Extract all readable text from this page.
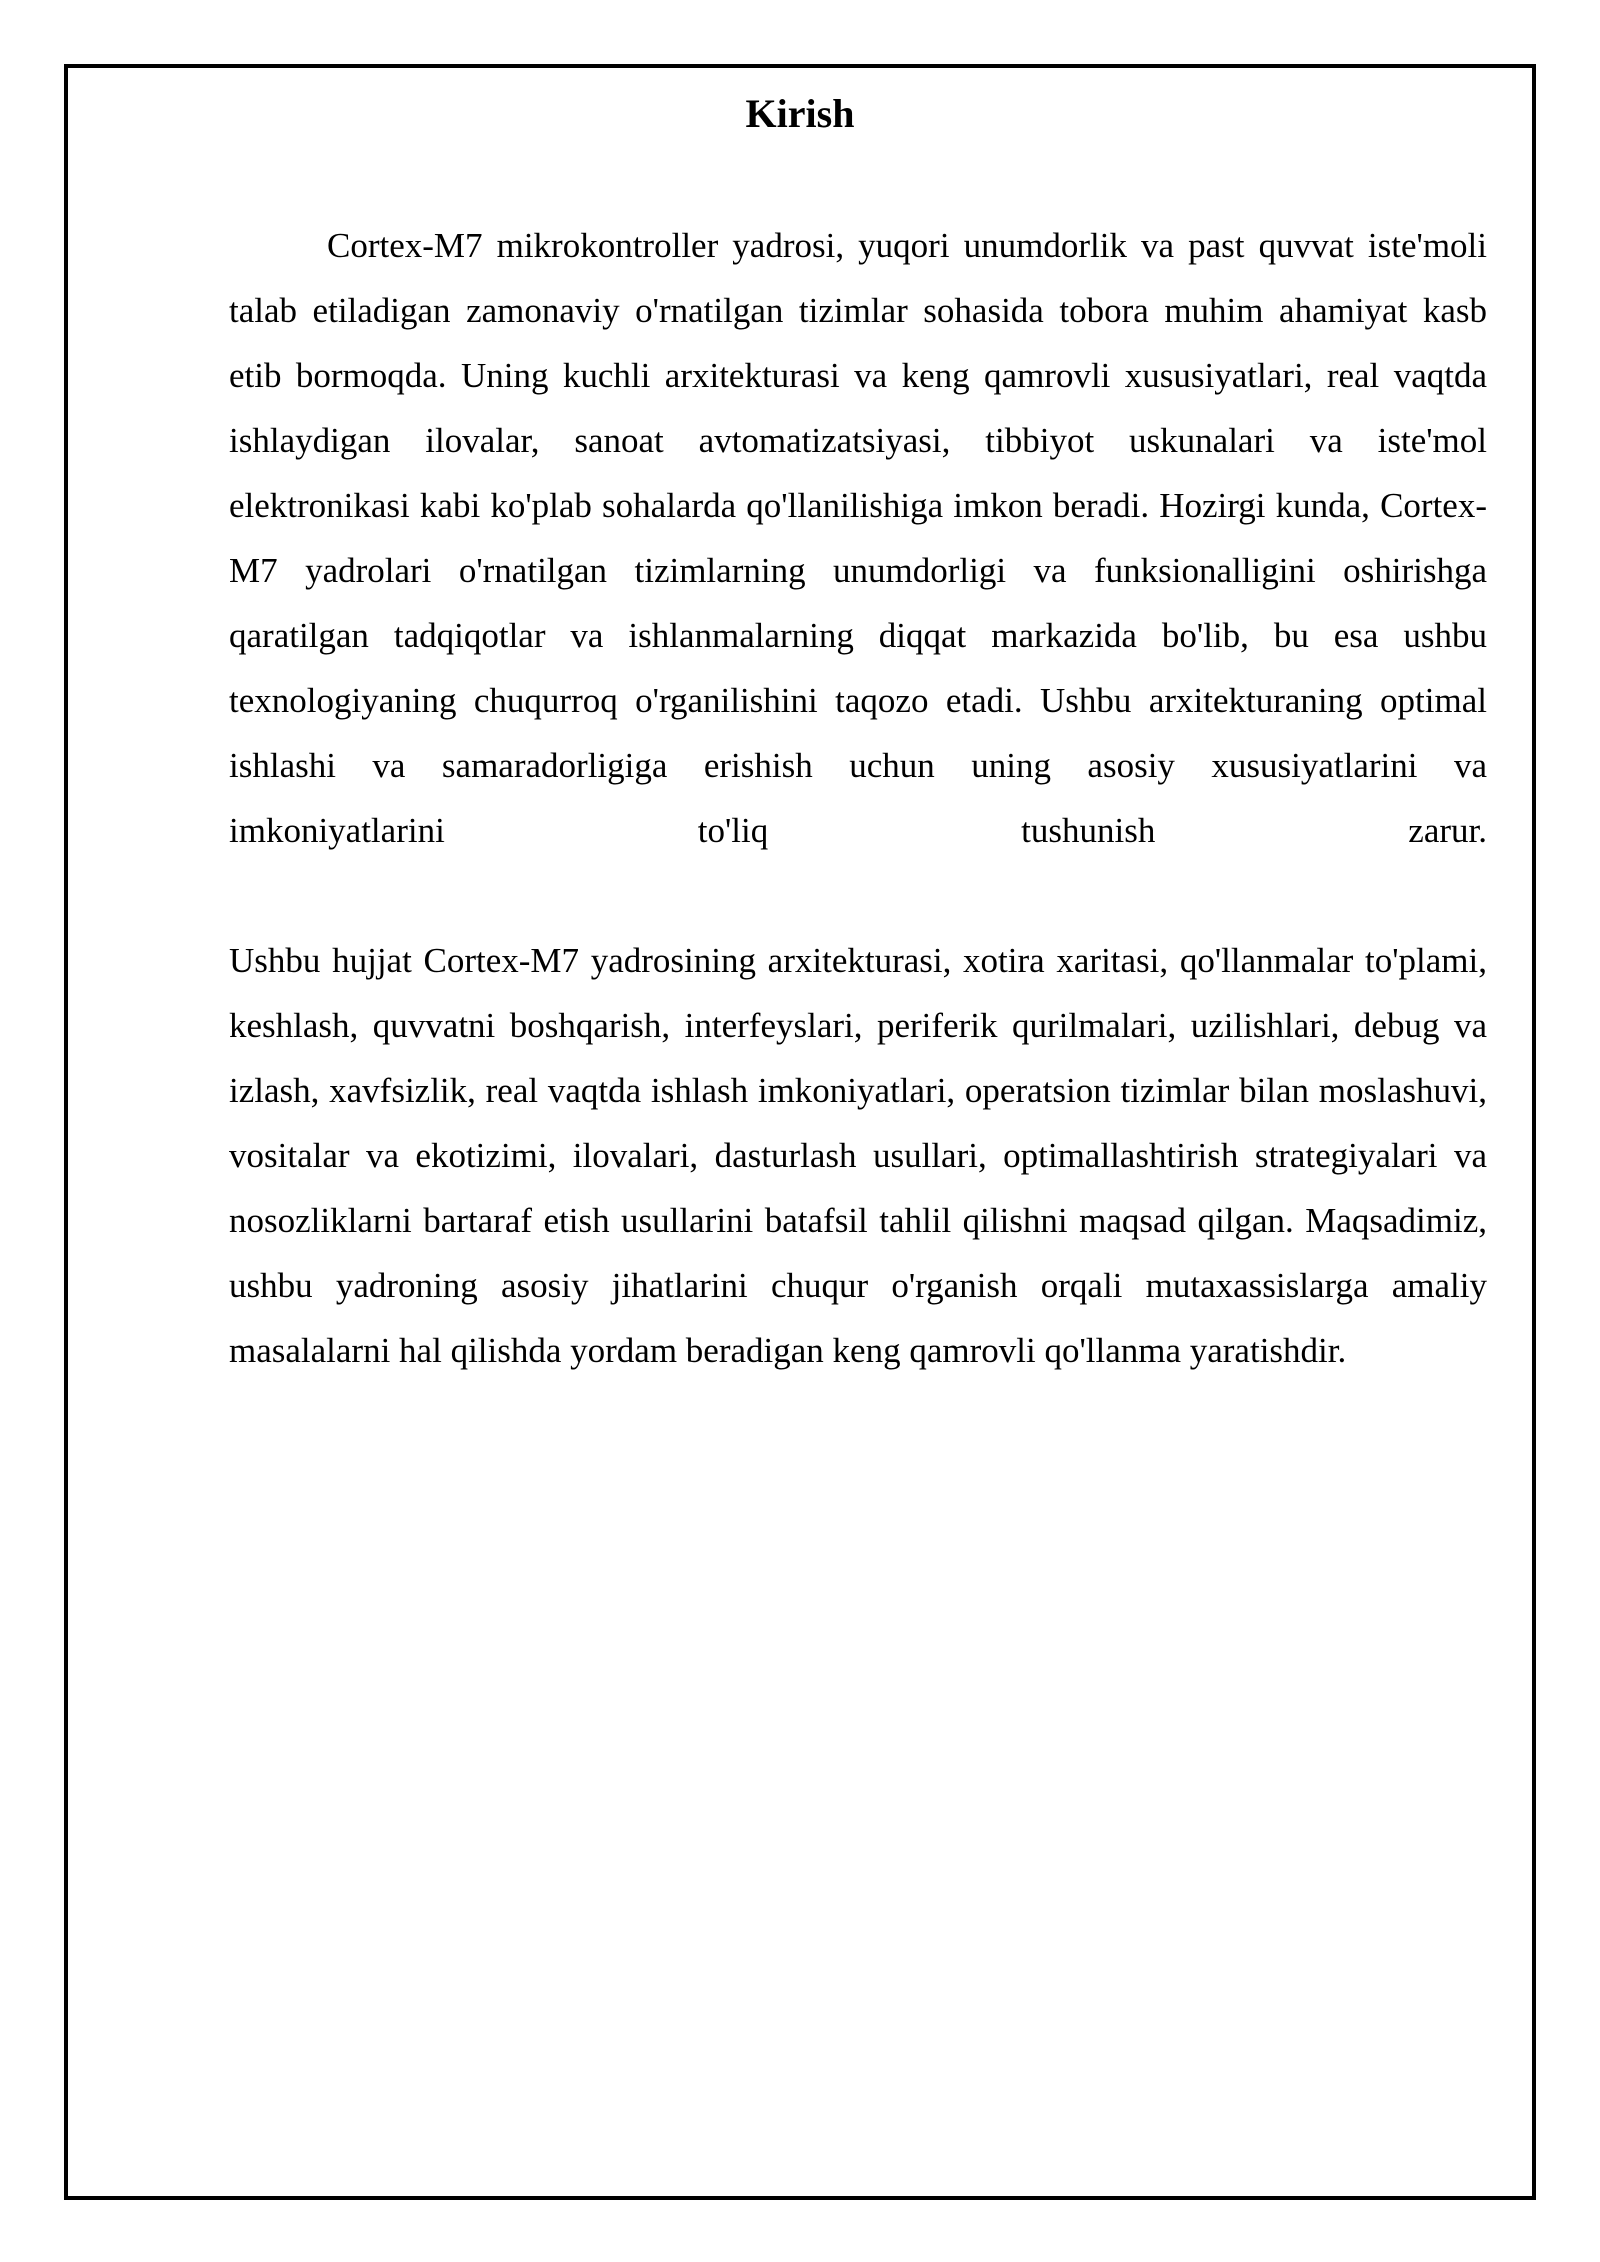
Kirish

Cortex-M7 mikrokontroller yadrosi, yuqori unumdorlik va past quvvat iste'moli talab etiladigan zamonaviy o'rnatilgan tizimlar sohasida tobora muhim ahamiyat kasb etib bormoqda. Uning kuchli arxitekturasi va keng qamrovli xususiyatlari, real vaqtda ishlaydigan ilovalar, sanoat avtomatizatsiyasi, tibbiyot uskunalari va iste'mol elektronikasi kabi ko'plab sohalarda qo'llanilishiga imkon beradi. Hozirgi kunda, Cortex-M7 yadrolari o'rnatilgan tizimlarning unumdorligi va funksionalligini oshirishga qaratilgan tadqiqotlar va ishlanmalarning diqqat markazida bo'lib, bu esa ushbu texnologiyaning chuqurroq o'rganilishini taqozo etadi. Ushbu arxitekturaning optimal ishlashi va samaradorligiga erishish uchun uning asosiy xususiyatlarini va imkoniyatlarini to'liq tushunish zarur.

Ushbu hujjat Cortex-M7 yadrosining arxitekturasi, xotira xaritasi, qo'llanmalar to'plami, keshlash, quvvatni boshqarish, interfeyslari, periferik qurilmalari, uzilishlari, debug va izlash, xavfsizlik, real vaqtda ishlash imkoniyatlari, operatsion tizimlar bilan moslashuvi, vositalar va ekotizimi, ilovalari, dasturlash usullari, optimallashtirish strategiyalari va nosozliklarni bartaraf etish usullarini batafsil tahlil qilishni maqsad qilgan. Maqsadimiz, ushbu yadroning asosiy jihatlarini chuqur o'rganish orqali mutaxassislarga amaliy masalalarni hal qilishda yordam beradigan keng qamrovli qo'llanma yaratishdir.
